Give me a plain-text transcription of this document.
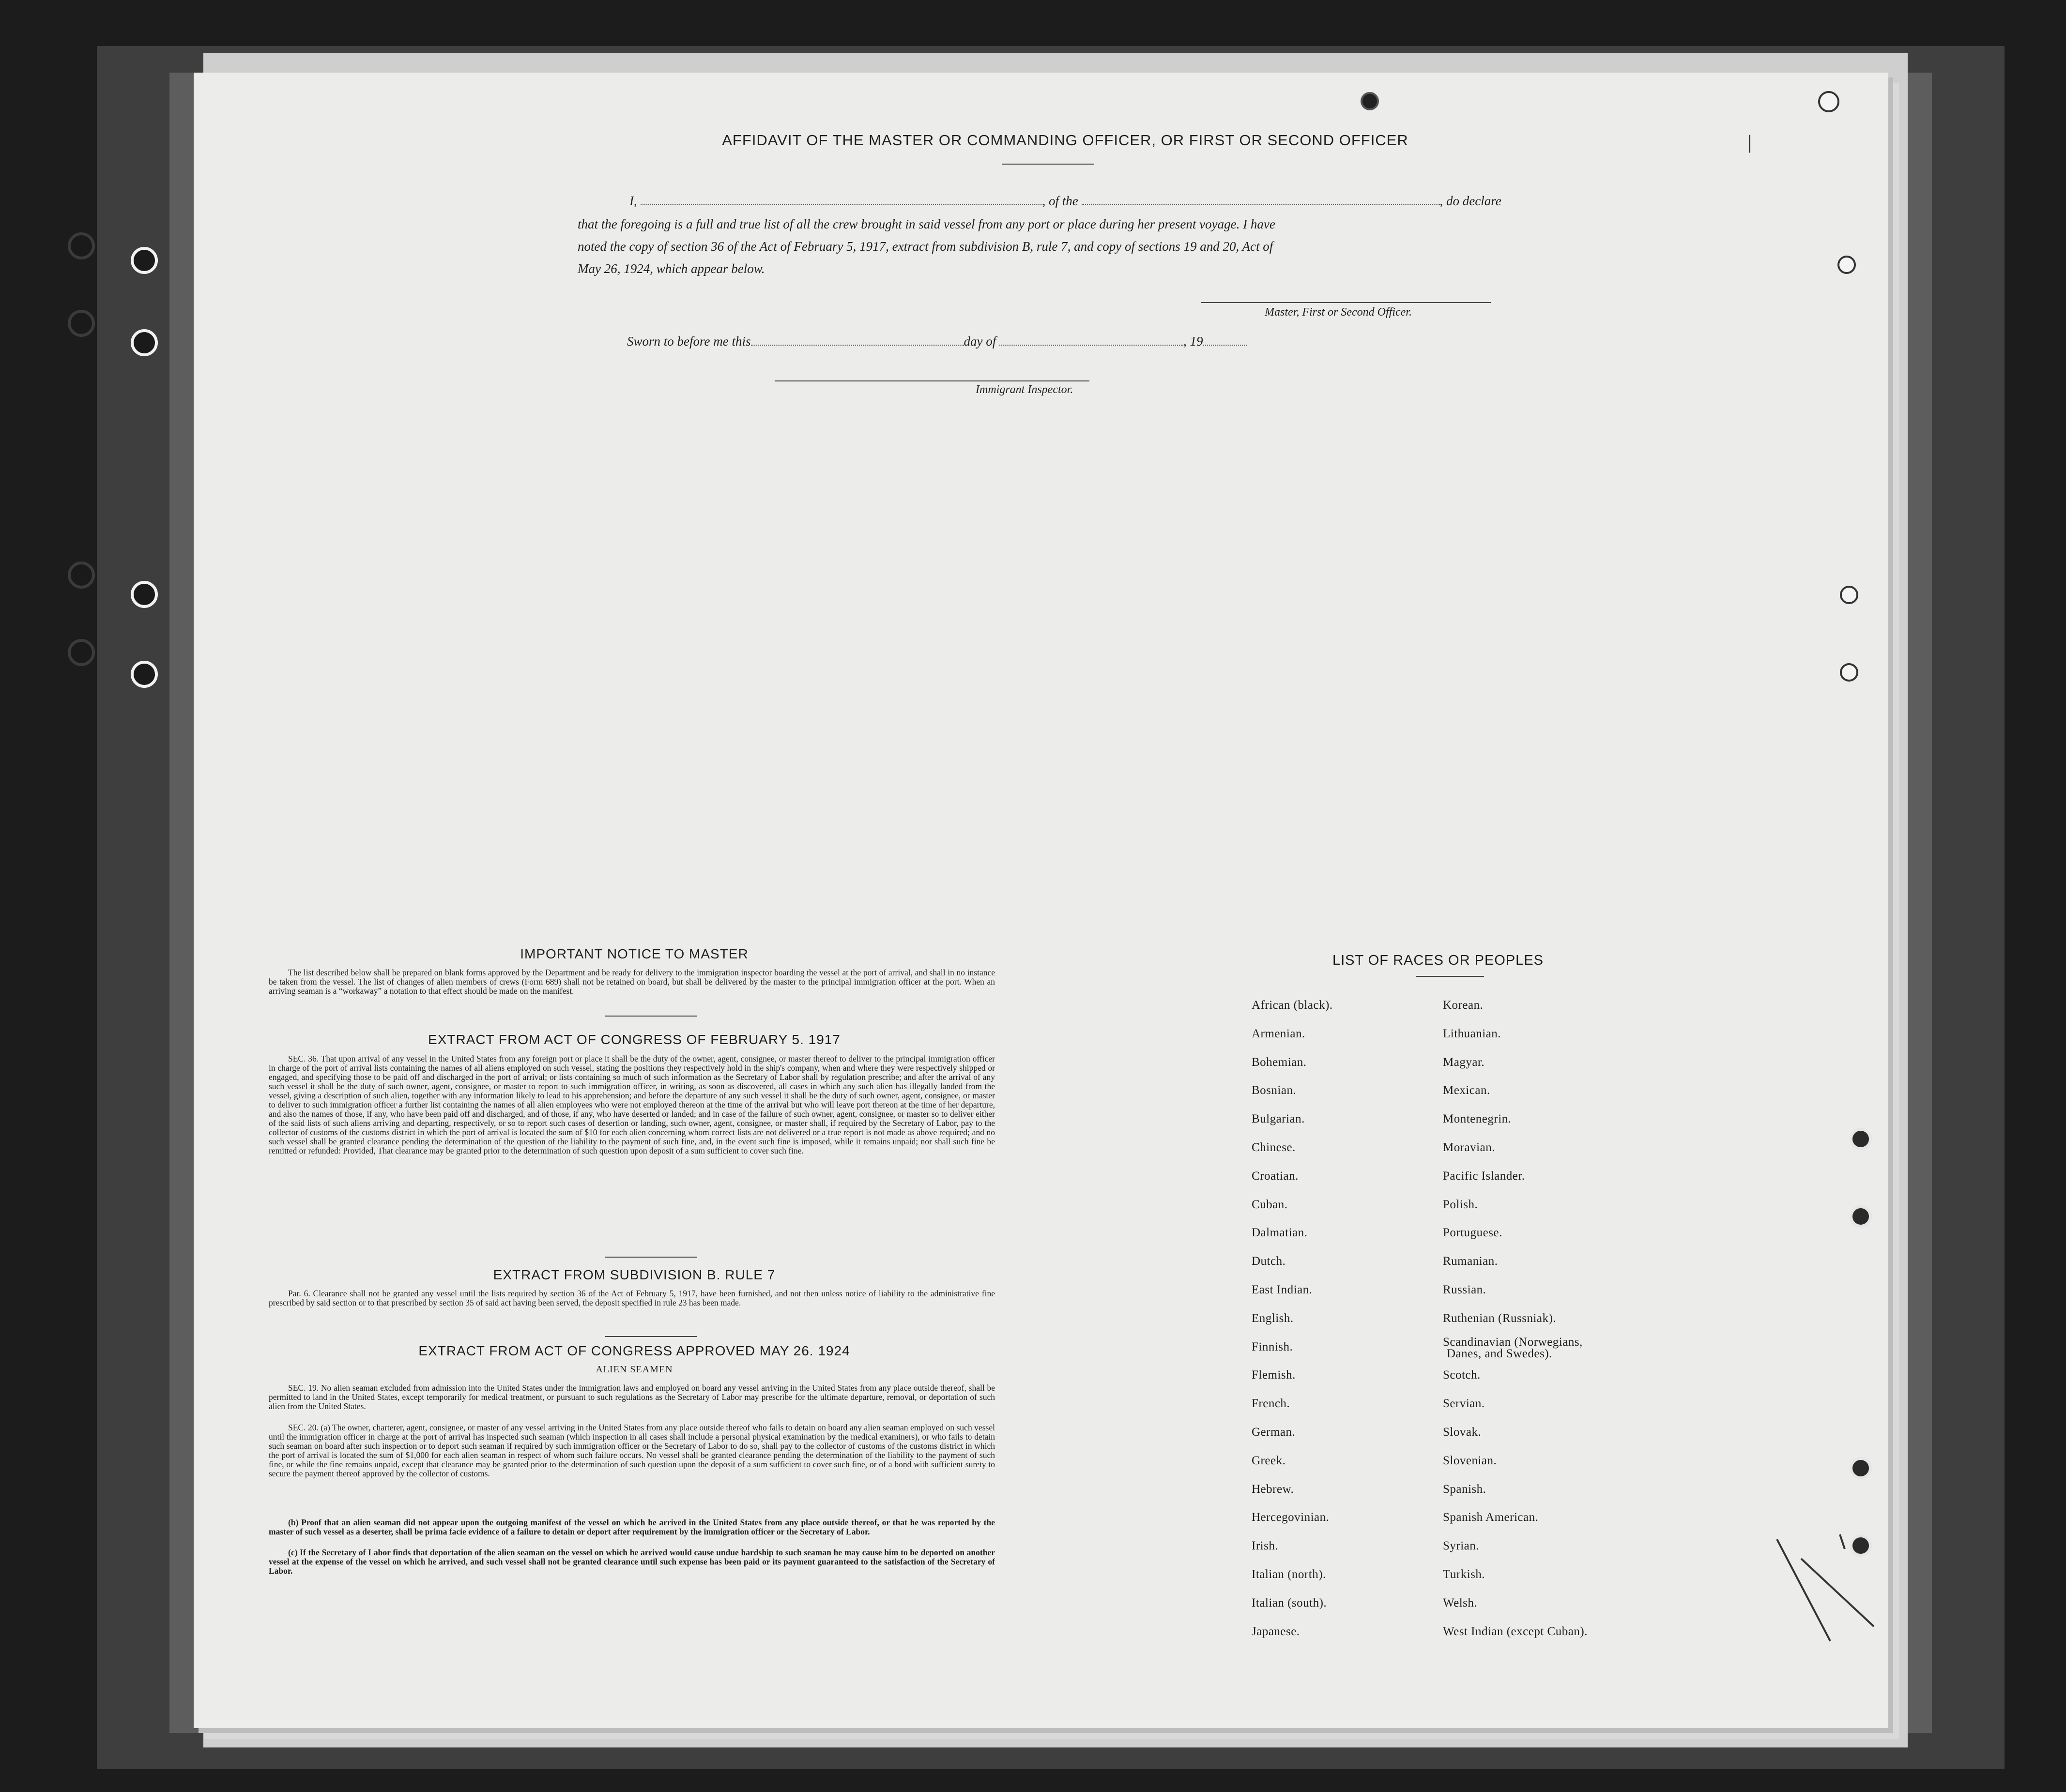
AFFIDAVIT OF THE MASTER OR COMMANDING OFFICER, OR FIRST OR SECOND OFFICER
I,	, of the	, do declare
that the foregoing is a full and true list of all the crew brought in said vessel from any port or place during her present voyage. I have
noted the copy of section 36 of the Act of February 5, 1917, extract from subdivision B, rule 7, and copy of sections 19 and 20, Act of
May 26, 1924, which appear below.
Master, First or Second Officer.
Sworn to before me this	day of	, 19
Immigrant Inspector.
|
IMPORTANT NOTICE TO MASTER
The list described below shall be prepared on blank forms approved by the Department and be ready for delivery to the immigration inspector boarding the vessel at the port of arrival, and shall in no instance be taken from the vessel. The list of changes of alien members of crews (Form 689) shall not be retained on board, but shall be delivered by the master to the principal immigration officer at the port. When an arriving seaman is a “workaway” a notation to that effect should be made on the manifest.
EXTRACT FROM ACT OF CONGRESS OF FEBRUARY 5. 1917
SEC. 36. That upon arrival of any vessel in the United States from any foreign port or place it shall be the duty of the owner, agent, consignee, or master thereof to deliver to the principal immigration officer in charge of the port of arrival lists containing the names of all aliens employed on such vessel, stating the positions they respectively hold in the ship's company, when and where they were respectively shipped or engaged, and specifying those to be paid off and discharged in the port of arrival; or lists containing so much of such information as the Secretary of Labor shall by regulation prescribe; and after the arrival of any such vessel it shall be the duty of such owner, agent, consignee, or master to report to such immigration officer, in writing, as soon as discovered, all cases in which any such alien has illegally landed from the vessel, giving a description of such alien, together with any information likely to lead to his apprehension; and before the departure of any such vessel it shall be the duty of such owner, agent, consignee, or master to deliver to such immigration officer a further list containing the names of all alien employees who were not employed thereon at the time of the arrival but who will leave port thereon at the time of her departure, and also the names of those, if any, who have been paid off and discharged, and of those, if any, who have deserted or landed; and in case of the failure of such owner, agent, consignee, or master so to deliver either of the said lists of such aliens arriving and departing, respectively, or so to report such cases of desertion or landing, such owner, agent, consignee, or master shall, if required by the Secretary of Labor, pay to the collector of customs of the customs district in which the port of arrival is located the sum of $10 for each alien concerning whom correct lists are not delivered or a true report is not made as above required; and no such vessel shall be granted clearance pending the determination of the question of the liability to the payment of such fine, and, in the event such fine is imposed, while it remains unpaid; nor shall such fine be remitted or refunded: Provided, That clearance may be granted prior to the determination of such question upon deposit of a sum sufficient to cover such fine.
EXTRACT FROM SUBDIVISION B. RULE 7
Par. 6. Clearance shall not be granted any vessel until the lists required by section 36 of the Act of February 5, 1917, have been furnished, and not then unless notice of liability to the administrative fine prescribed by said section or to that prescribed by section 35 of said act having been served, the deposit specified in rule 23 has been made.
EXTRACT FROM ACT OF CONGRESS APPROVED MAY 26. 1924
ALIEN SEAMEN
SEC. 19. No alien seaman excluded from admission into the United States under the immigration laws and employed on board any vessel arriving in the United States from any place outside thereof, shall be permitted to land in the United States, except temporarily for medical treatment, or pursuant to such regulations as the Secretary of Labor may prescribe for the ultimate departure, removal, or deportation of such alien from the United States.
SEC. 20. (a) The owner, charterer, agent, consignee, or master of any vessel arriving in the United States from any place outside thereof who fails to detain on board any alien seaman employed on such vessel until the immigration officer in charge at the port of arrival has inspected such seaman (which inspection in all cases shall include a personal physical examination by the medical examiners), or who fails to detain such seaman on board after such inspection or to deport such seaman if required by such immigration officer or the Secretary of Labor to do so, shall pay to the collector of customs of the customs district in which the port of arrival is located the sum of $1,000 for each alien seaman in respect of whom such failure occurs. No vessel shall be granted clearance pending the determination of the liability to the payment of such fine, or while the fine remains unpaid, except that clearance may be granted prior to the determination of such question upon the deposit of a sum sufficient to cover such fine, or of a bond with sufficient surety to secure the payment thereof approved by the collector of customs.
(b) Proof that an alien seaman did not appear upon the outgoing manifest of the vessel on which he arrived in the United States from any place outside thereof, or that he was reported by the master of such vessel as a deserter, shall be prima facie evidence of a failure to detain or deport after requirement by the immigration officer or the Secretary of Labor.
(c) If the Secretary of Labor finds that deportation of the alien seaman on the vessel on which he arrived would cause undue hardship to such seaman he may cause him to be deported on another vessel at the expense of the vessel on which he arrived, and such vessel shall not be granted clearance until such expense has been paid or its payment guaranteed to the satisfaction of the Secretary of Labor.
LIST OF RACES OR PEOPLES
African (black).
Armenian.
Bohemian.
Bosnian.
Bulgarian.
Chinese.
Croatian.
Cuban.
Dalmatian.
Dutch.
East Indian.
English.
Finnish.
Flemish.
French.
German.
Greek.
Hebrew.
Hercegovinian.
Irish.
Italian (north).
Italian (south).
Japanese.
Korean.
Lithuanian.
Magyar.
Mexican.
Montenegrin.
Moravian.
Pacific Islander.
Polish.
Portuguese.
Rumanian.
Russian.
Ruthenian (Russniak).
Scandinavian (Norwegians,
Scotch.
Servian.
Slovak.
Slovenian.
Spanish.
Spanish American.
Syrian.
Turkish.
Welsh.
West Indian (except Cuban).
Danes, and Swedes).
